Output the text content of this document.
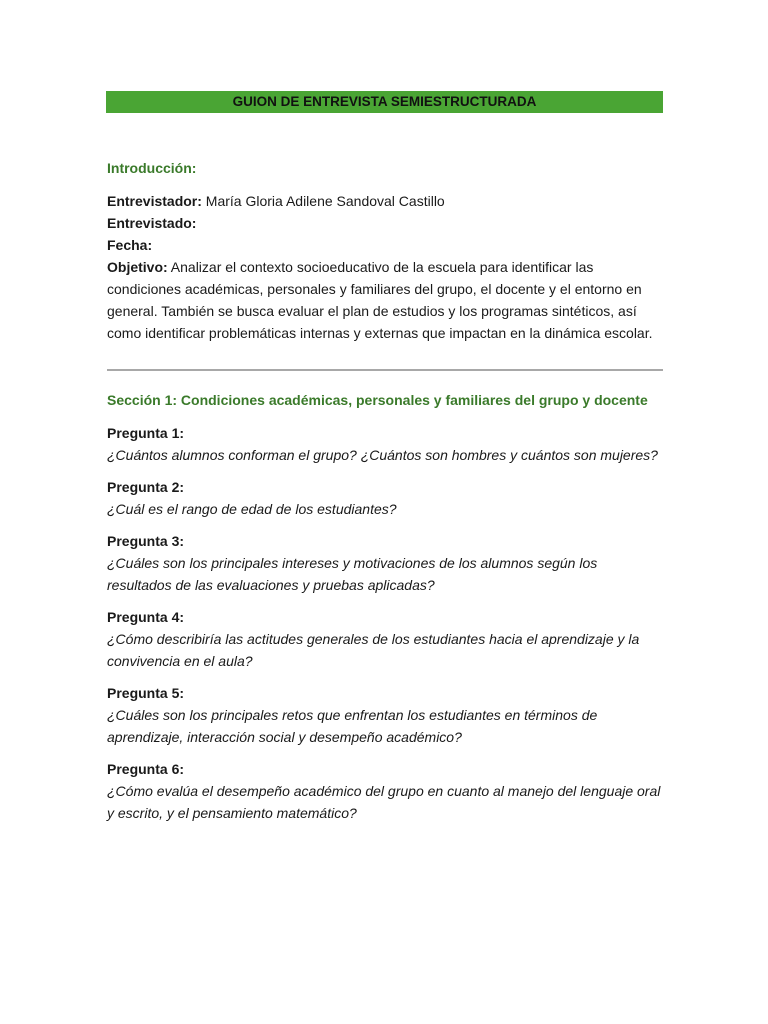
GUION DE ENTREVISTA SEMIESTRUCTURADA
Introducción:
Entrevistador: María Gloria Adilene Sandoval Castillo
Entrevistado:
Fecha:
Objetivo: Analizar el contexto socioeducativo de la escuela para identificar las condiciones académicas, personales y familiares del grupo, el docente y el entorno en general. También se busca evaluar el plan de estudios y los programas sintéticos, así como identificar problemáticas internas y externas que impactan en la dinámica escolar.
Sección 1: Condiciones académicas, personales y familiares del grupo y docente
Pregunta 1:
¿Cuántos alumnos conforman el grupo? ¿Cuántos son hombres y cuántos son mujeres?
Pregunta 2:
¿Cuál es el rango de edad de los estudiantes?
Pregunta 3:
¿Cuáles son los principales intereses y motivaciones de los alumnos según los resultados de las evaluaciones y pruebas aplicadas?
Pregunta 4:
¿Cómo describiría las actitudes generales de los estudiantes hacia el aprendizaje y la convivencia en el aula?
Pregunta 5:
¿Cuáles son los principales retos que enfrentan los estudiantes en términos de aprendizaje, interacción social y desempeño académico?
Pregunta 6:
¿Cómo evalúa el desempeño académico del grupo en cuanto al manejo del lenguaje oral y escrito, y el pensamiento matemático?
